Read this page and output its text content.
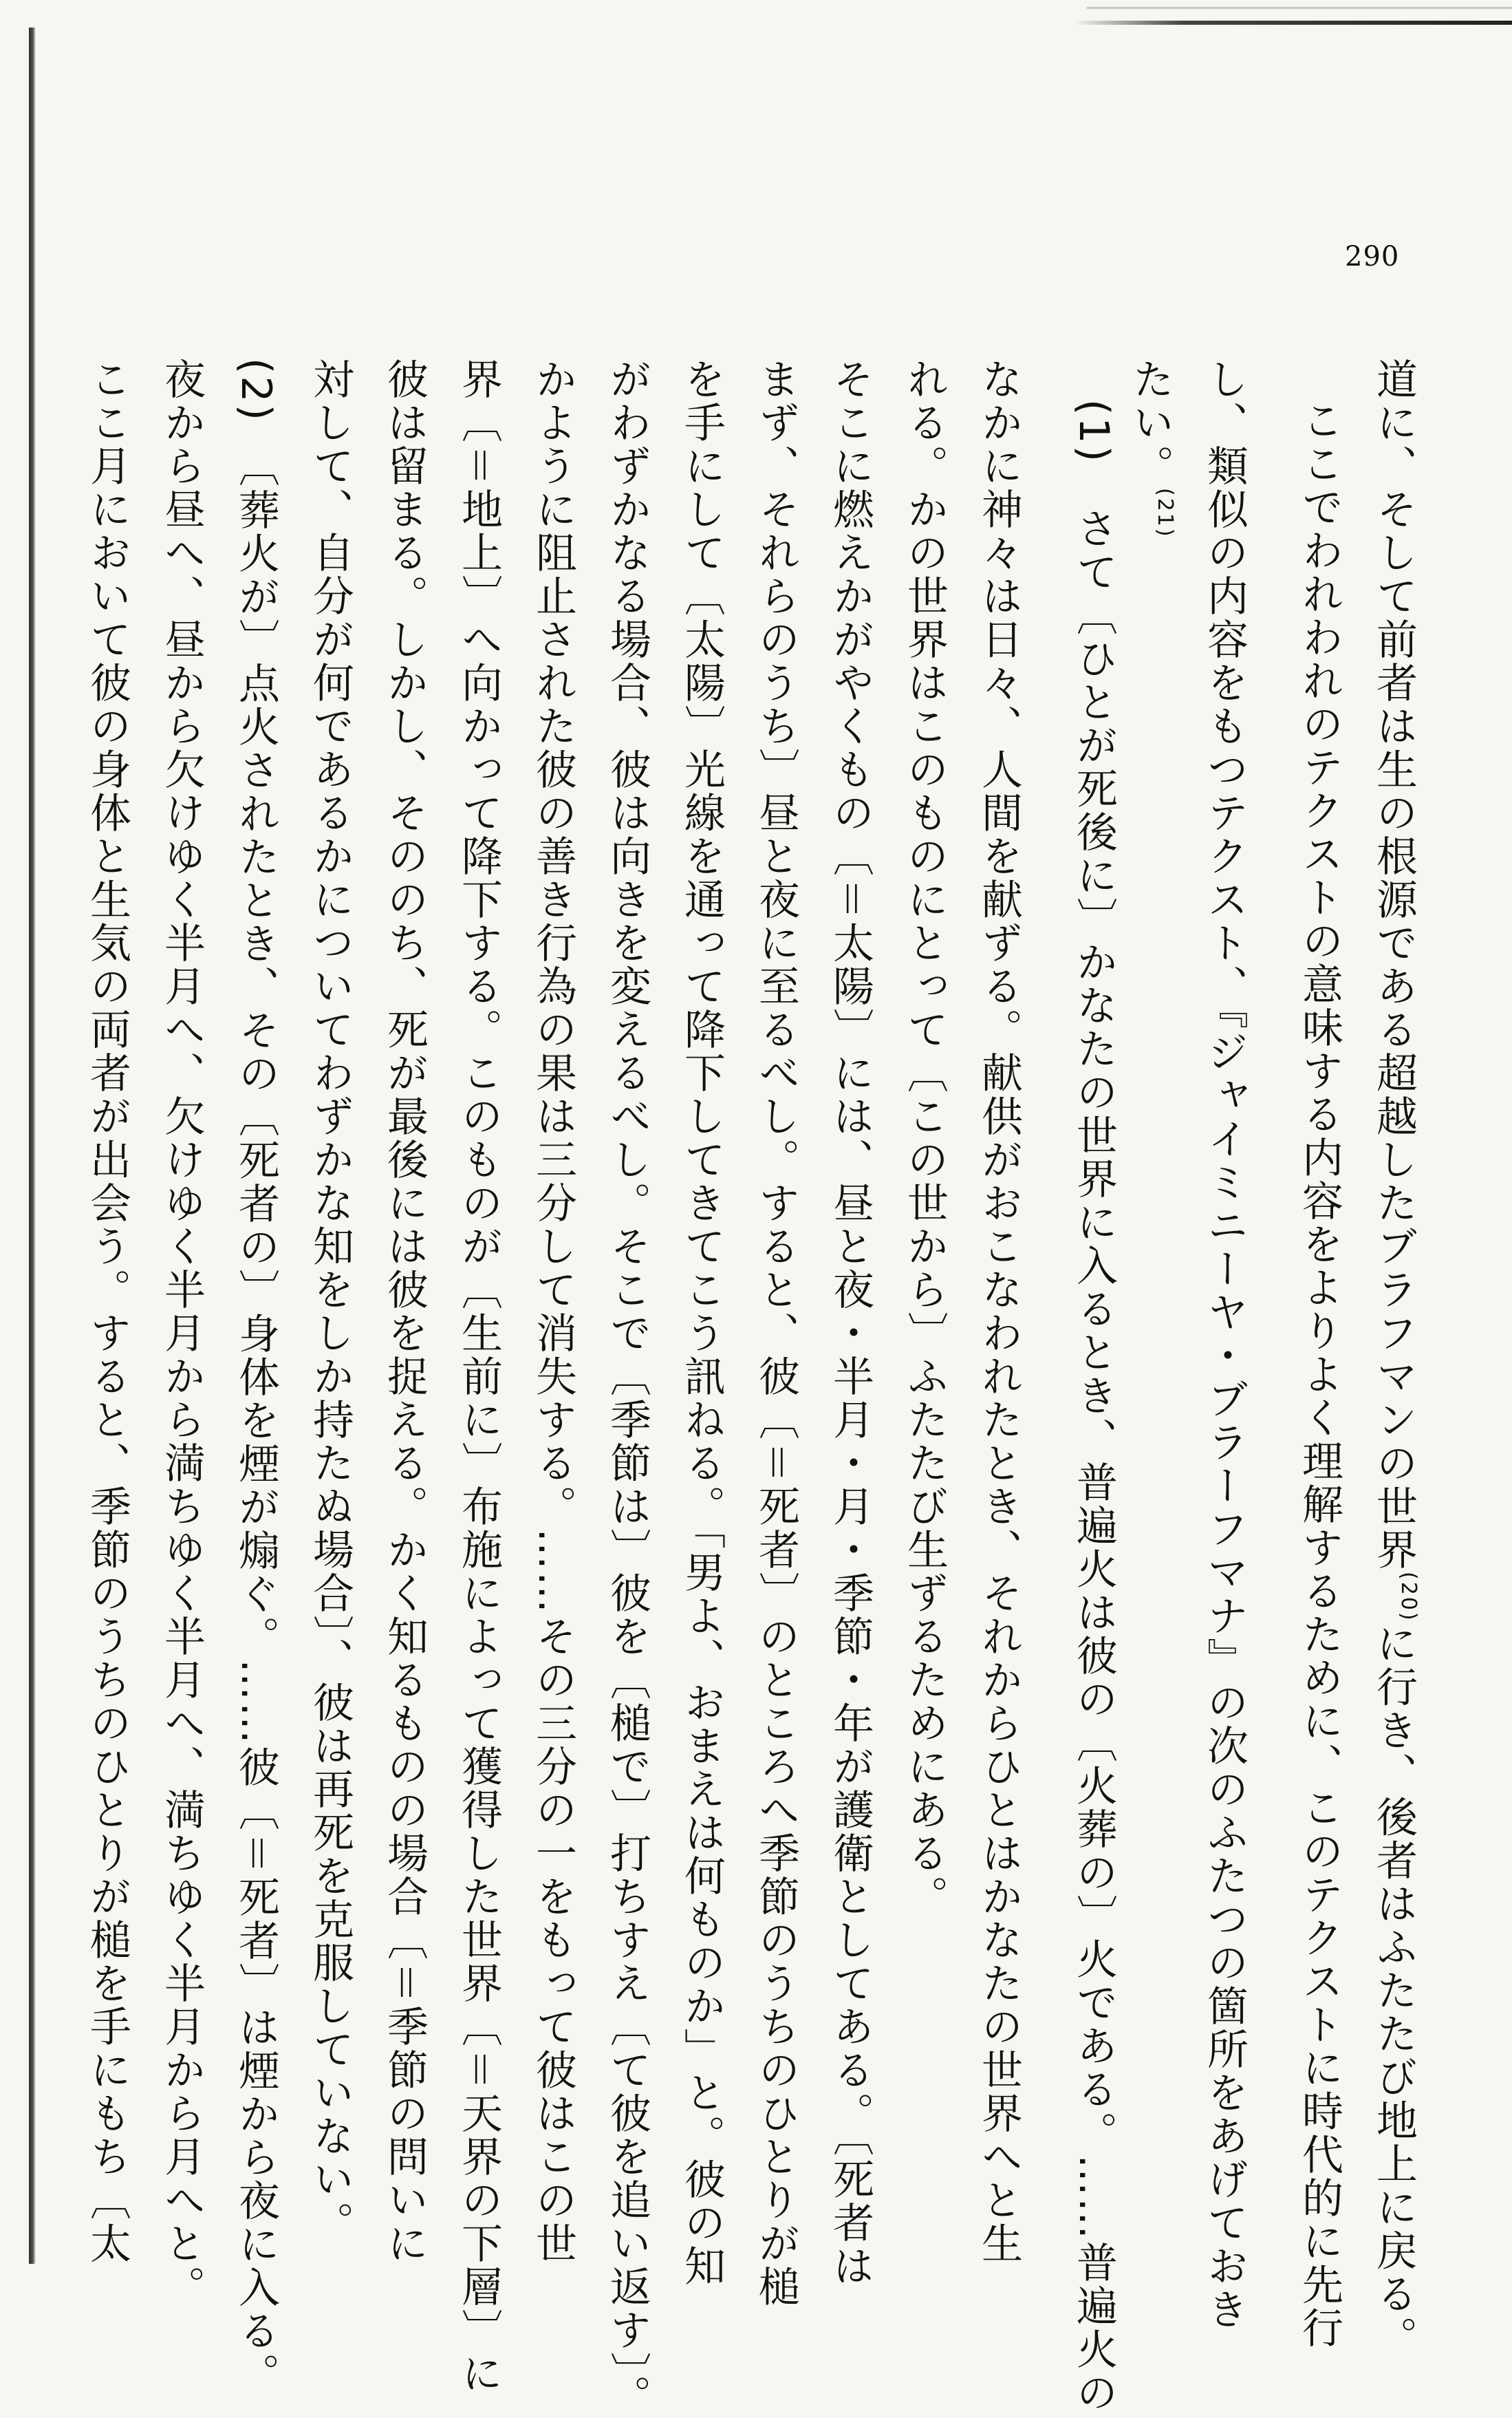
290
道に、そして前者は生の根源である超越したブラフマンの世界$^{(20)}$に行き、後者はふたたび地上に戻る。
ここでわれわれのテクストの意味する内容をよりよく理解するために、このテクストに時代的に先行
し、類似の内容をもつテクスト、『ジャイミニーヤ・ブラーフマナ』の次のふたつの箇所をあげておき
たい。$^{(21)}$
(1)　さて〔ひとが死後に〕かなたの世界に入るとき、普遍火は彼の〔火葬の〕火である。……普遍火の
なかに神々は日々、人間を献ずる。献供がおこなわれたとき、それからひとはかなたの世界へと生
れる。かの世界はこのものにとって〔この世から〕ふたたび生ずるためにある。
そこに燃えかがやくもの〔＝太陽〕には、昼と夜・半月・月・季節・年が護衛としてある。〔死者は
まず、それらのうち〕昼と夜に至るべし。すると、彼〔＝死者〕のところへ季節のうちのひとりが槌
を手にして〔太陽〕光線を通って降下してきてこう訊ねる。「男よ、おまえは何ものか」と。彼の知
がわずかなる場合、彼は向きを変えるべし。そこで〔季節は〕彼を〔槌で〕打ちすえ〔て彼を追い返す〕。
かように阻止された彼の善き行為の果は三分して消失する。……その三分の一をもって彼はこの世
界〔＝地上〕へ向かって降下する。このものが〔生前に〕布施によって獲得した世界〔＝天界の下層〕に
彼は留まる。しかし、そののち、死が最後には彼を捉える。かく知るものの場合〔＝季節の問いに
対して、自分が何であるかについてわずかな知をしか持たぬ場合〕、彼は再死を克服していない。
(2)　〔葬火が〕点火されたとき、その〔死者の〕身体を煙が煽ぐ。……彼〔＝死者〕は煙から夜に入る。
夜から昼へ、昼から欠けゆく半月へ、欠けゆく半月から満ちゆく半月へ、満ちゆく半月から月へと。
ここ月において彼の身体と生気の両者が出会う。すると、季節のうちのひとりが槌を手にもち〔太
